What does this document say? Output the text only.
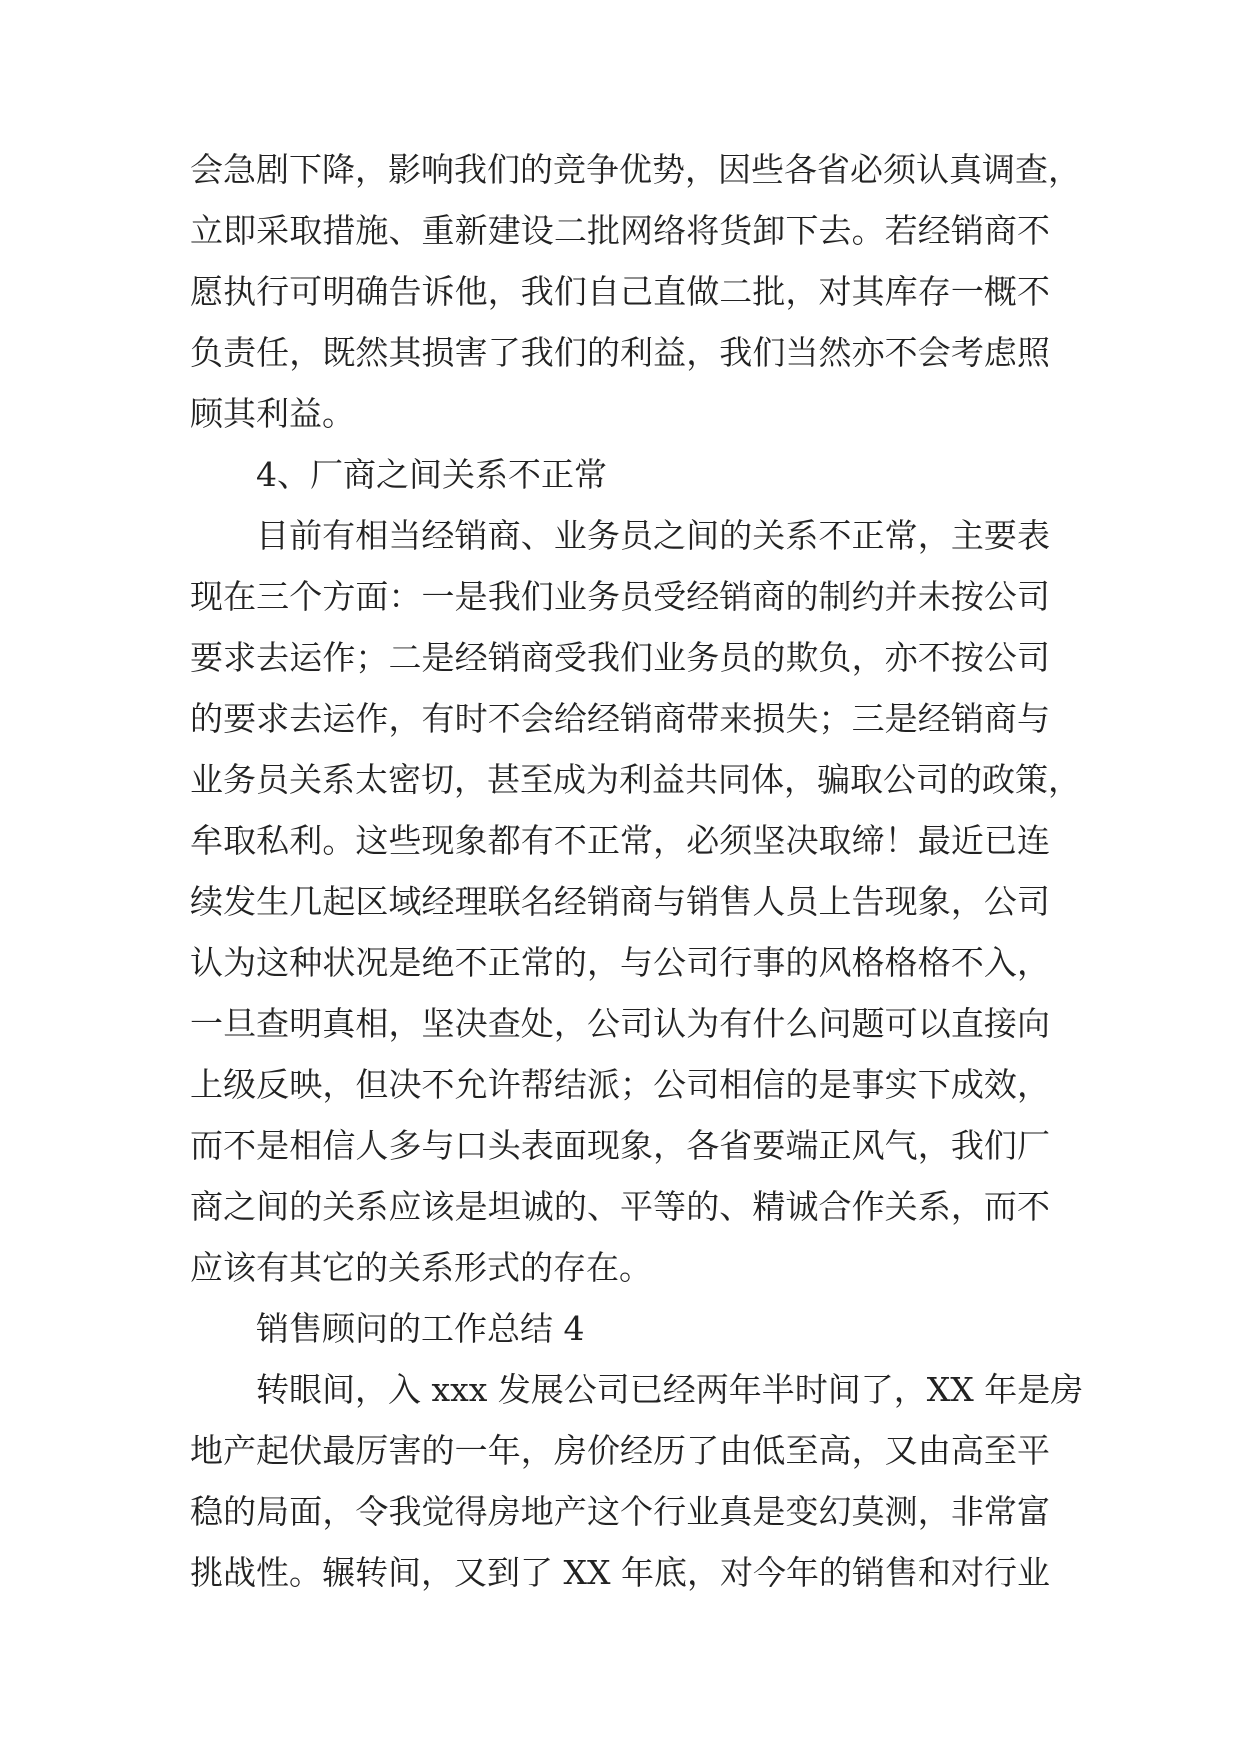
会急剧下降，影响我们的竞争优势，因些各省必须认真调查，
立即采取措施、重新建设二批网络将货卸下去。若经销商不
愿执行可明确告诉他，我们自己直做二批，对其库存一概不
负责任，既然其损害了我们的利益，我们当然亦不会考虑照
顾其利益。
4、厂商之间关系不正常
目前有相当经销商、业务员之间的关系不正常，主要表
现在三个方面：一是我们业务员受经销商的制约并未按公司
要求去运作；二是经销商受我们业务员的欺负，亦不按公司
的要求去运作，有时不会给经销商带来损失；三是经销商与
业务员关系太密切，甚至成为利益共同体，骗取公司的政策，
牟取私利。这些现象都有不正常，必须坚决取缔！最近已连
续发生几起区域经理联名经销商与销售人员上告现象，公司
认为这种状况是绝不正常的，与公司行事的风格格格不入，
一旦查明真相，坚决查处，公司认为有什么问题可以直接向
上级反映，但决不允许帮结派；公司相信的是事实下成效，
而不是相信人多与口头表面现象，各省要端正风气，我们厂
商之间的关系应该是坦诚的、平等的、精诚合作关系，而不
应该有其它的关系形式的存在。
销售顾问的工作总结 4
转眼间，入 xxx 发展公司已经两年半时间了，XX 年是房
地产起伏最厉害的一年，房价经历了由低至高，又由高至平
稳的局面，令我觉得房地产这个行业真是变幻莫测，非常富
挑战性。辗转间，又到了 XX 年底，对今年的销售和对行业
